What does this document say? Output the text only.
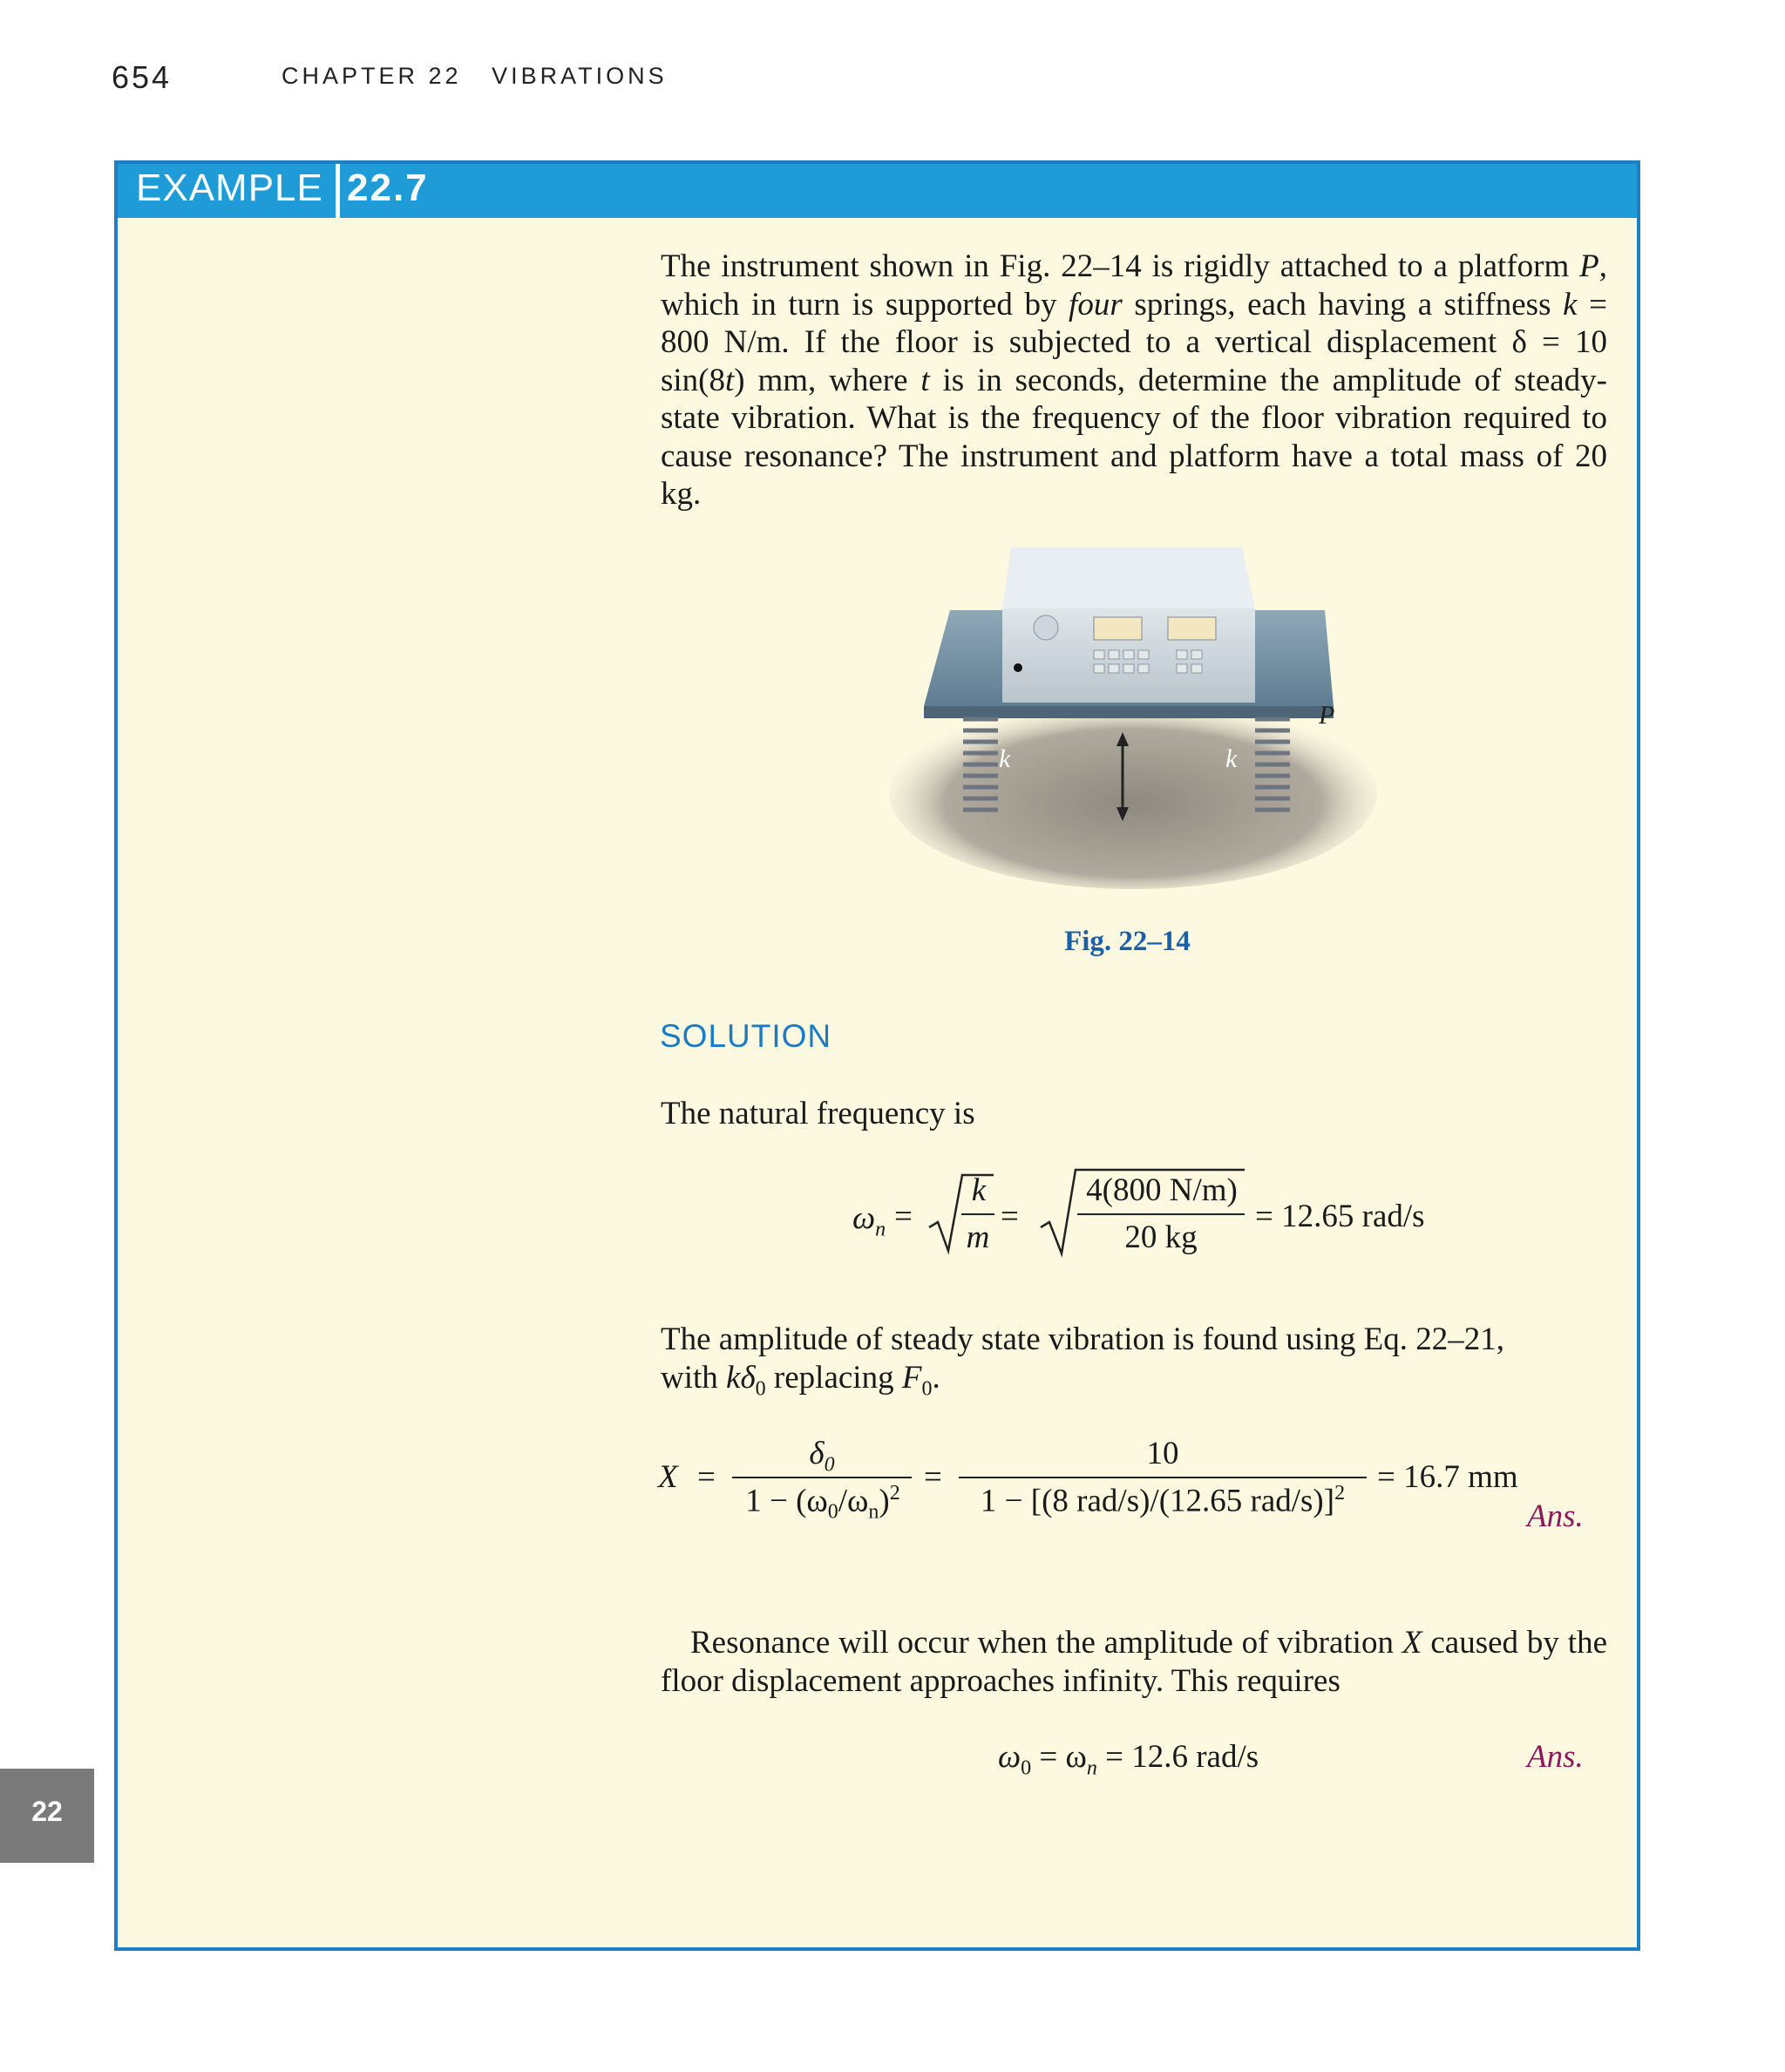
654	CHAPTER 22 VIBRATIONS
EXAMPLE 22.7
22
The instrument shown in Fig. 22–14 is rigidly attached to a platform P, which in turn is supported by four springs, each having a stiffness k = 800 N/m. If the floor is subjected to a vertical displacement δ = 10 sin(8t) mm, where t is in seconds, determine the amplitude of steady-state vibration. What is the frequency of the floor vibration required to cause resonance? The instrument and platform have a total mass of 20 kg.
P
k	k
Fig. 22–14
SOLUTION
The natural frequency is
$\omega_n$ =
k
m
=
4(800 N/m)
20 kg
= 12.65 rad/s
The amplitude of steady state vibration is found using Eq. 22–21,
with $k\delta_0$ replacing $F_0$.
X =
$\delta_0$
$1 - (\omega_0/\omega_n)^2$ =
10
1 − [(8 rad/s)/(12.65 rad/s)]$^2$ = 16.7 mm
Ans.
Resonance will occur when the amplitude of vibration X caused by the floor displacement approaches infinity. This requires
$\omega_0 = \omega_n = 12.6$ rad/s	Ans.
